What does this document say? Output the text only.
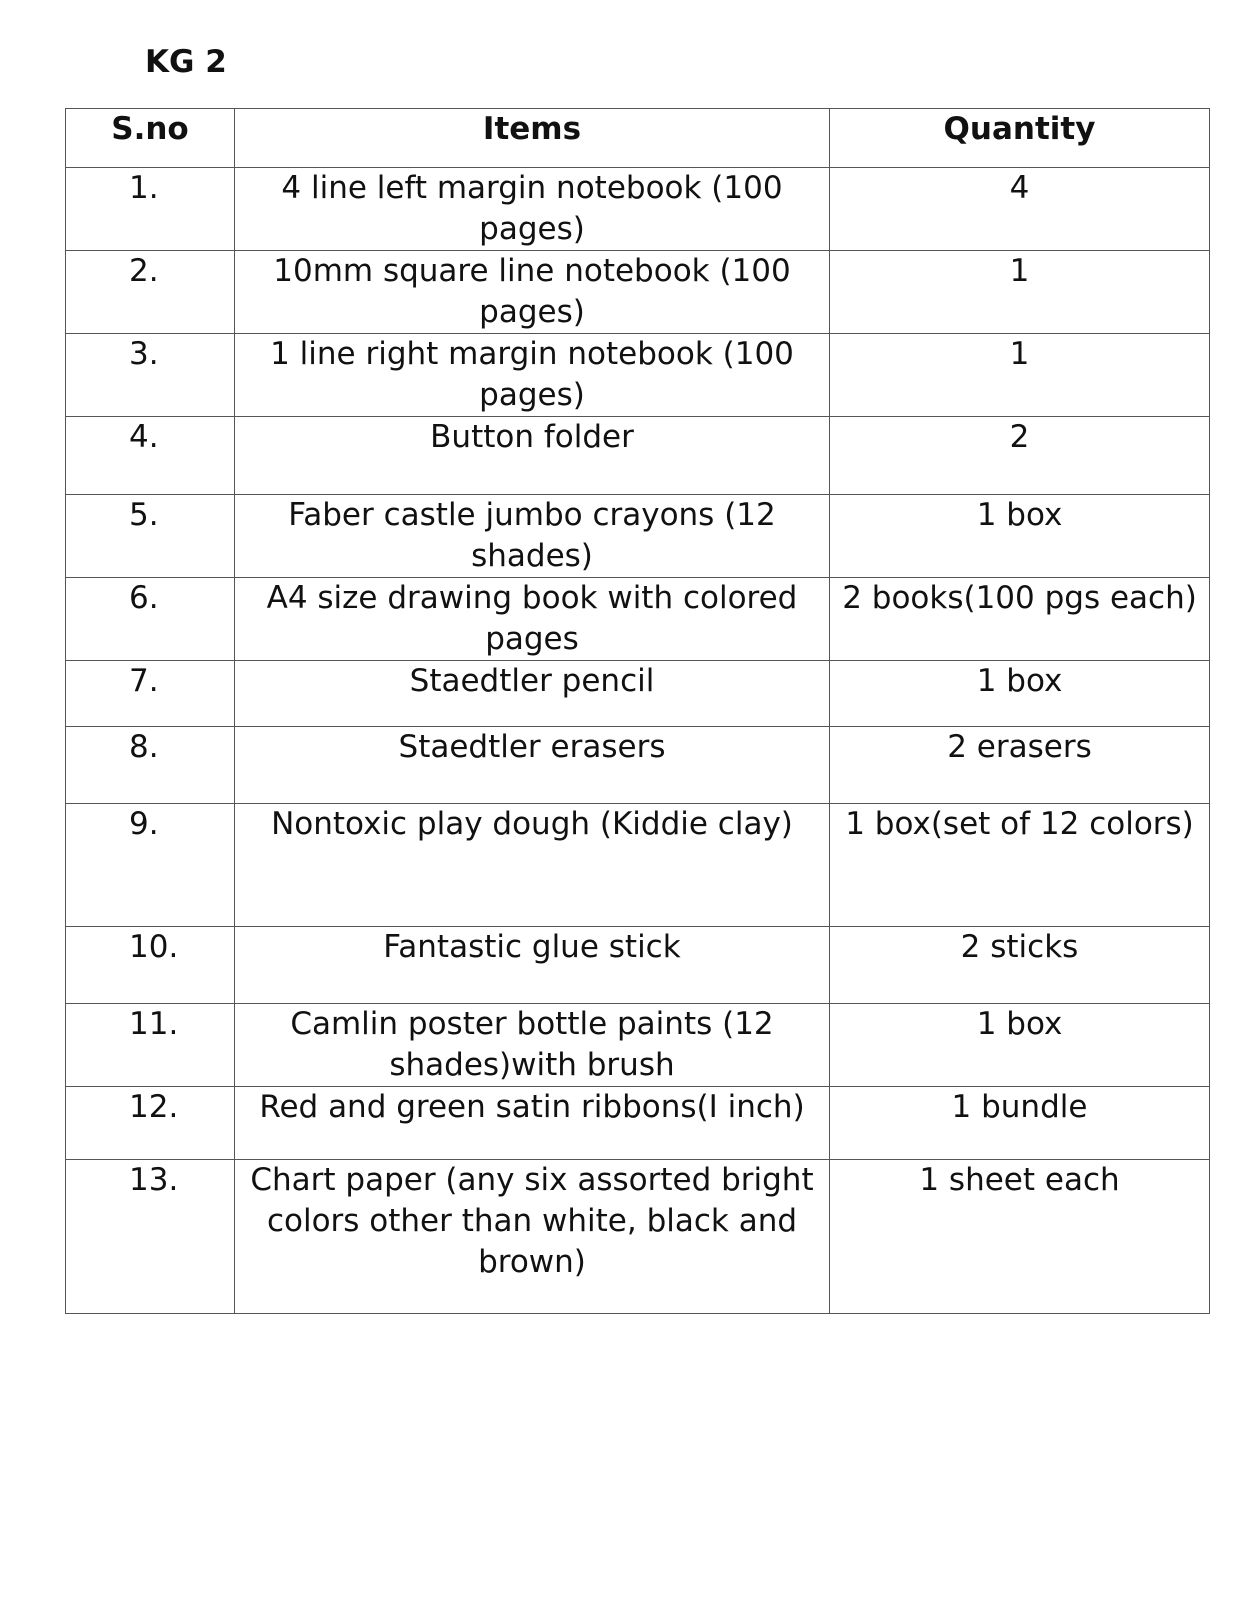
KG 2
S.no	Items	Quantity
1.	4 line left margin notebook (100 pages)	4
2.	10mm square line notebook (100 pages)	1
3.	1 line right margin notebook (100 pages)	1
4.	Button folder	2
5.	Faber castle jumbo crayons (12 shades)	1 box
6.	A4 size drawing book with colored pages	2 books(100 pgs each)
7.	Staedtler pencil	1 box
8.	Staedtler erasers	2 erasers
9.	Nontoxic play dough (Kiddie clay)	1 box(set of 12 colors)
10.	Fantastic glue stick	2 sticks
11.	Camlin poster bottle paints (12 shades)with brush	1 box
12.	Red and green satin ribbons(I inch)	1 bundle
13.	Chart paper (any six assorted bright colors other than white, black and brown)	1 sheet each
